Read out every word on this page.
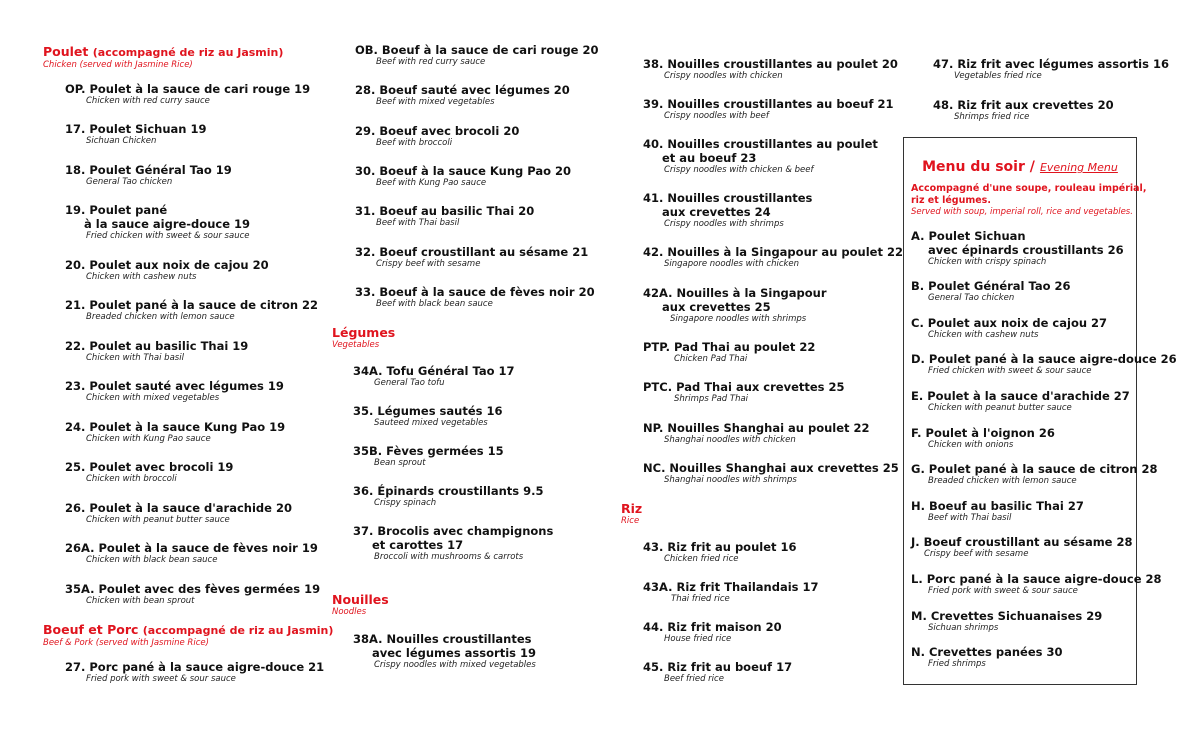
Poulet (accompagné de riz au Jasmin)
Chicken (served with Jasmine Rice)
OP. Poulet à la sauce de cari rouge 19
Chicken with red curry sauce
17. Poulet Sichuan 19
Sichuan Chicken
18. Poulet Général Tao 19
General Tao chicken
19. Poulet pané
à la sauce aigre-douce 19
Fried chicken with sweet & sour sauce
20. Poulet aux noix de cajou 20
Chicken with cashew nuts
21. Poulet pané à la sauce de citron 22
Breaded chicken with lemon sauce
22. Poulet au basilic Thai 19
Chicken with Thai basil
23. Poulet sauté avec légumes 19
Chicken with mixed vegetables
24. Poulet à la sauce Kung Pao 19
Chicken with Kung Pao sauce
25. Poulet avec brocoli 19
Chicken with broccoli
26. Poulet à la sauce d'arachide 20
Chicken with peanut butter sauce
26A. Poulet à la sauce de fèves noir 19
Chicken with black bean sauce
35A. Poulet avec des fèves germées 19
Chicken with bean sprout
Boeuf et Porc (accompagné de riz au Jasmin)
Beef & Pork (served with Jasmine Rice)
27. Porc pané à la sauce aigre-douce 21
Fried pork with sweet & sour sauce
OB. Boeuf à la sauce de cari rouge 20
Beef with red curry sauce
28. Boeuf sauté avec légumes 20
Beef with mixed vegetables
29. Boeuf avec brocoli 20
Beef with broccoli
30. Boeuf à la sauce Kung Pao 20
Beef with Kung Pao sauce
31. Boeuf au basilic Thai 20
Beef with Thai basil
32. Boeuf croustillant au sésame 21
Crispy beef with sesame
33. Boeuf à la sauce de fèves noir 20
Beef with black bean sauce
Légumes
Vegetables
34A. Tofu Général Tao 17
General Tao tofu
35. Légumes sautés 16
Sauteed mixed vegetables
35B. Fèves germées 15
Bean sprout
36. Épinards croustillants 9.5
Crispy spinach
37. Brocolis avec champignons
et carottes 17
Broccoli with mushrooms & carrots
Nouilles
Noodles
38A. Nouilles croustillantes
avec légumes assortis 19
Crispy noodles with mixed vegetables
38. Nouilles croustillantes au poulet 20
Crispy noodles with chicken
39. Nouilles croustillantes au boeuf 21
Crispy noodles with beef
40. Nouilles croustillantes au poulet
et au boeuf 23
Crispy noodles with chicken & beef
41. Nouilles croustillantes
aux crevettes 24
Crispy noodles with shrimps
42. Nouilles à la Singapour au poulet 22
Singapore noodles with chicken
42A. Nouilles à la Singapour
aux crevettes 25
Singapore noodles with shrimps
PTP. Pad Thai au poulet 22
Chicken Pad Thai
PTC. Pad Thai aux crevettes 25
Shrimps Pad Thai
NP. Nouilles Shanghai au poulet 22
Shanghai noodles with chicken
NC. Nouilles Shanghai aux crevettes 25
Shanghai noodles with shrimps
Riz
Rice
43. Riz frit au poulet 16
Chicken fried rice
43A. Riz frit Thailandais 17
Thai fried rice
44. Riz frit maison 20
House fried rice
45. Riz frit au boeuf 17
Beef fried rice
47. Riz frit avec légumes assortis 16
Vegetables fried rice
48. Riz frit aux crevettes 20
Shrimps fried rice
Menu du soir / Evening Menu
Accompagné d'une soupe, rouleau impérial,
riz et légumes.
Served with soup, imperial roll, rice and vegetables.
A. Poulet Sichuan
avec épinards croustillants 26
Chicken with crispy spinach
B. Poulet Général Tao 26
General Tao chicken
C. Poulet aux noix de cajou 27
Chicken with cashew nuts
D. Poulet pané à la sauce aigre-douce 26
Fried chicken with sweet & sour sauce
E. Poulet à la sauce d'arachide 27
Chicken with peanut butter sauce
F. Poulet à l'oignon 26
Chicken with onions
G. Poulet pané à la sauce de citron 28
Breaded chicken with lemon sauce
H. Boeuf au basilic Thai 27
Beef with Thai basil
J. Boeuf croustillant au sésame 28
Crispy beef with sesame
L. Porc pané à la sauce aigre-douce 28
Fried pork with sweet & sour sauce
M. Crevettes Sichuanaises 29
Sichuan shrimps
N. Crevettes panées 30
Fried shrimps
